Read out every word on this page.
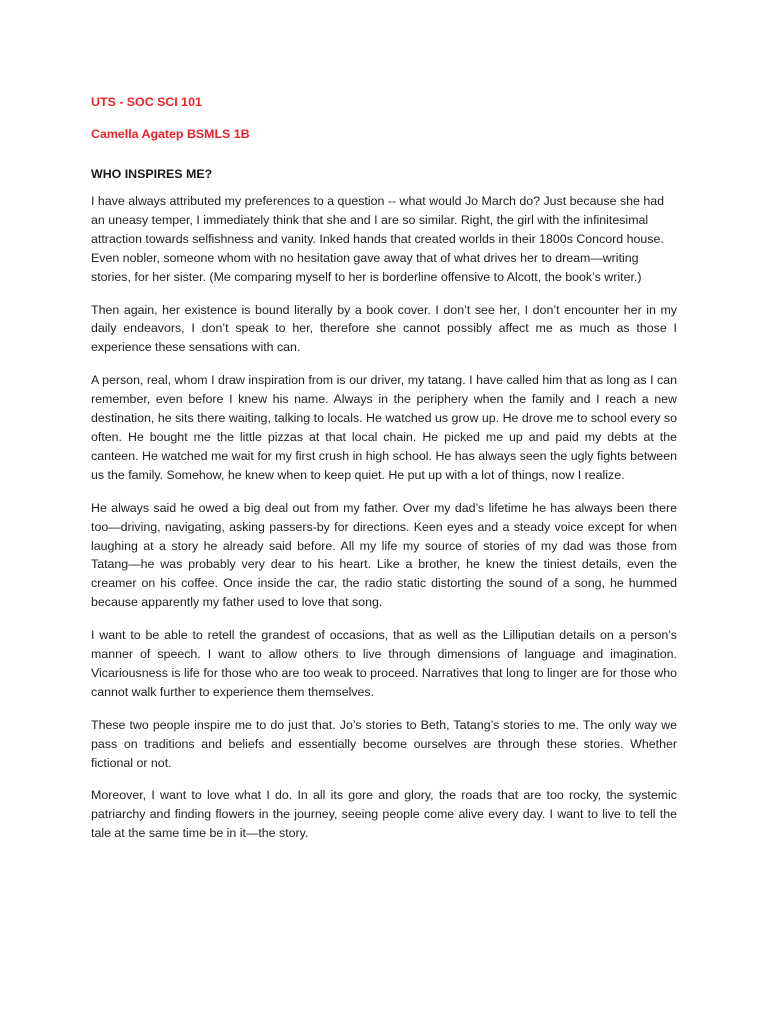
UTS - SOC SCI 101
Camella Agatep BSMLS 1B
WHO INSPIRES ME?

I have always attributed my preferences to a question -- what would Jo March do? Just because she had an uneasy temper, I immediately think that she and I are so similar. Right, the girl with the infinitesimal attraction towards selfishness and vanity. Inked hands that created worlds in their 1800s Concord house. Even nobler, someone whom with no hesitation gave away that of what drives her to dream—writing stories, for her sister. (Me comparing myself to her is borderline offensive to Alcott, the book’s writer.)

Then again, her existence is bound literally by a book cover. I don’t see her, I don’t encounter her in my daily endeavors, I don’t speak to her, therefore she cannot possibly affect me as much as those I experience these sensations with can.

A person, real, whom I draw inspiration from is our driver, my tatang. I have called him that as long as I can remember, even before I knew his name. Always in the periphery when the family and I reach a new destination, he sits there waiting, talking to locals. He watched us grow up. He drove me to school every so often. He bought me the little pizzas at that local chain. He picked me up and paid my debts at the canteen. He watched me wait for my first crush in high school. He has always seen the ugly fights between us the family. Somehow, he knew when to keep quiet. He put up with a lot of things, now I realize.

He always said he owed a big deal out from my father. Over my dad’s lifetime he has always been there too—driving, navigating, asking passers-by for directions. Keen eyes and a steady voice except for when laughing at a story he already said before. All my life my source of stories of my dad was those from Tatang—he was probably very dear to his heart. Like a brother, he knew the tiniest details, even the creamer on his coffee. Once inside the car, the radio static distorting the sound of a song, he hummed because apparently my father used to love that song.

I want to be able to retell the grandest of occasions, that as well as the Lilliputian details on a person’s manner of speech. I want to allow others to live through dimensions of language and imagination. Vicariousness is life for those who are too weak to proceed. Narratives that long to linger are for those who cannot walk further to experience them themselves.

These two people inspire me to do just that. Jo’s stories to Beth, Tatang’s stories to me. The only way we pass on traditions and beliefs and essentially become ourselves are through these stories. Whether fictional or not.

Moreover, I want to love what I do. In all its gore and glory, the roads that are too rocky, the systemic patriarchy and finding flowers in the journey, seeing people come alive every day. I want to live to tell the tale at the same time be in it—the story.
